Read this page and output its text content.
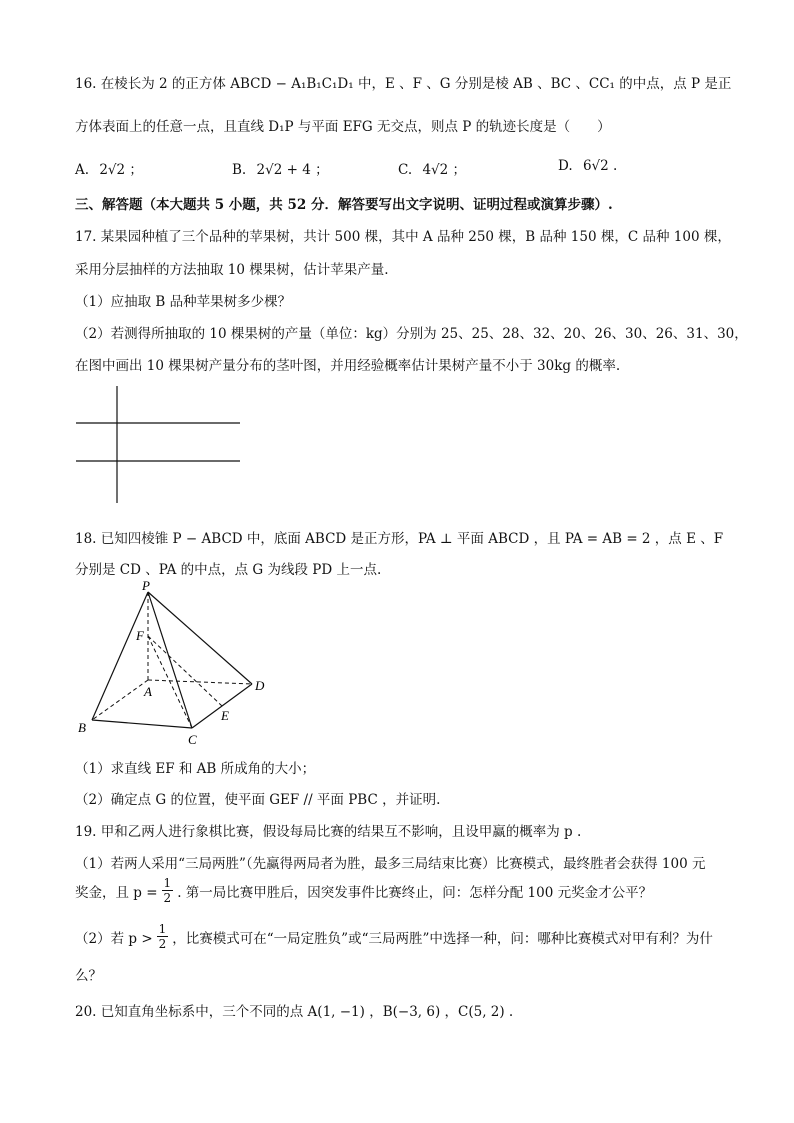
16. 在棱长为 2 的正方体 ABCD − A₁B₁C₁D₁ 中，E 、F 、G 分别是棱 AB 、BC 、CC₁ 的中点，点 P 是正
方体表面上的任意一点，且直线 D₁P 与平面 EFG 无交点，则点 P 的轨迹长度是（　　）
A. 2√2 ；	B. 2√2 + 4 ；	C. 4√2 ；	D. 6√2 .
三、解答题（本大题共 5 小题，共 52 分．解答要写出文字说明、证明过程或演算步骤）.
17. 某果园种植了三个品种的苹果树，共计 500 棵，其中 A 品种 250 棵，B 品种 150 棵，C 品种 100 棵，
采用分层抽样的方法抽取 10 棵果树，估计苹果产量.
（1）应抽取 B 品种苹果树多少棵？
（2）若测得所抽取的 10 棵果树的产量（单位：kg）分别为 25、25、28、32、20、26、30、26、31、30，
在图中画出 10 棵果树产量分布的茎叶图，并用经验概率估计果树产量不小于 30kg 的概率.
18. 已知四棱锥 P − ABCD 中，底面 ABCD 是正方形，PA ⊥ 平面 ABCD ，且 PA = AB = 2 ，点 E 、F
分别是 CD 、PA 的中点，点 G 为线段 PD 上一点.
P
F
A
B
C
D
E
（1）求直线 EF 和 AB 所成角的大小；
（2）确定点 G 的位置，使平面 GEF // 平面 PBC ，并证明.
19. 甲和乙两人进行象棋比赛，假设每局比赛的结果互不影响，且设甲赢的概率为 p .
（1）若两人采用“三局两胜”（先赢得两局者为胜，最多三局结束比赛）比赛模式，最终胜者会获得 100 元
奖金，且 $p = \frac{1}{2}$ . 第一局比赛甲胜后，因突发事件比赛终止，问：怎样分配 100 元奖金才公平？
（2）若 $p > \frac{1}{2}$ ，比赛模式可在“一局定胜负”或“三局两胜”中选择一种，问：哪种比赛模式对甲有利？为什
么？
20. 已知直角坐标系中，三个不同的点 A(1, −1) ，B(−3, 6) ，C(5, 2) .
